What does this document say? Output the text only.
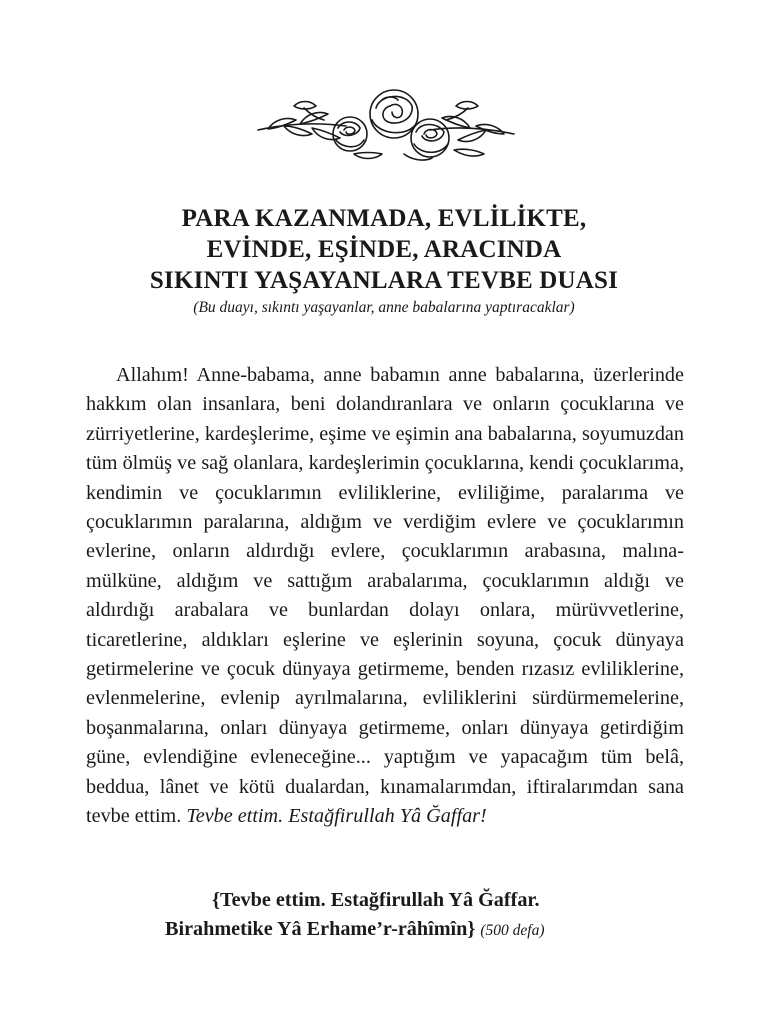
PARA KAZANMADA, EVLİLİKTE,
EVİNDE, EŞİNDE, ARACINDA
SIKINTI YAŞAYANLARA TEVBE DUASI
(Bu duayı, sıkıntı yaşayanlar, anne babalarına yaptıracaklar)
Allahım! Anne-babama, anne babamın anne babalarına, üzerlerinde hakkım olan insanlara, beni dolandıranlara ve onların çocuklarına ve zürriyetlerine, kardeşlerime, eşime ve eşimin ana babalarına, soyumuzdan tüm ölmüş ve sağ olanlara, kardeşlerimin çocuklarına, kendi çocuklarıma, kendimin ve çocuklarımın evliliklerine, evliliğime, paralarıma ve çocuklarımın paralarına, aldığım ve verdiğim evlere ve çocuklarımın evlerine, onların aldırdığı evlere, çocuklarımın arabasına, malına-mülküne, aldığım ve sattığım arabalarıma, çocuklarımın aldığı ve aldırdığı arabalara ve bunlardan dolayı onlara, mürüvvetlerine, ticaretlerine, aldıkları eşlerine ve eşlerinin soyuna, çocuk dünyaya getirmelerine ve çocuk dünyaya getirmeme, benden rızasız evliliklerine, evlenmelerine, evlenip ayrılmalarına, evliliklerini sürdürmemelerine, boşanmalarına, onları dünyaya getirmeme, onları dünyaya getirdiğim güne, evlendiğine evleneceğine... yaptığım ve yapacağım tüm belâ, beddua, lânet ve kötü dualardan, kınamalarımdan, iftiralarımdan sana tevbe ettim. Tevbe ettim. Estağfirullah Yâ Ğaffar!
{Tevbe ettim. Estağfirullah Yâ Ğaffar.
Birahmetike Yâ Erhame’r-râhîmîn} (500 defa)
